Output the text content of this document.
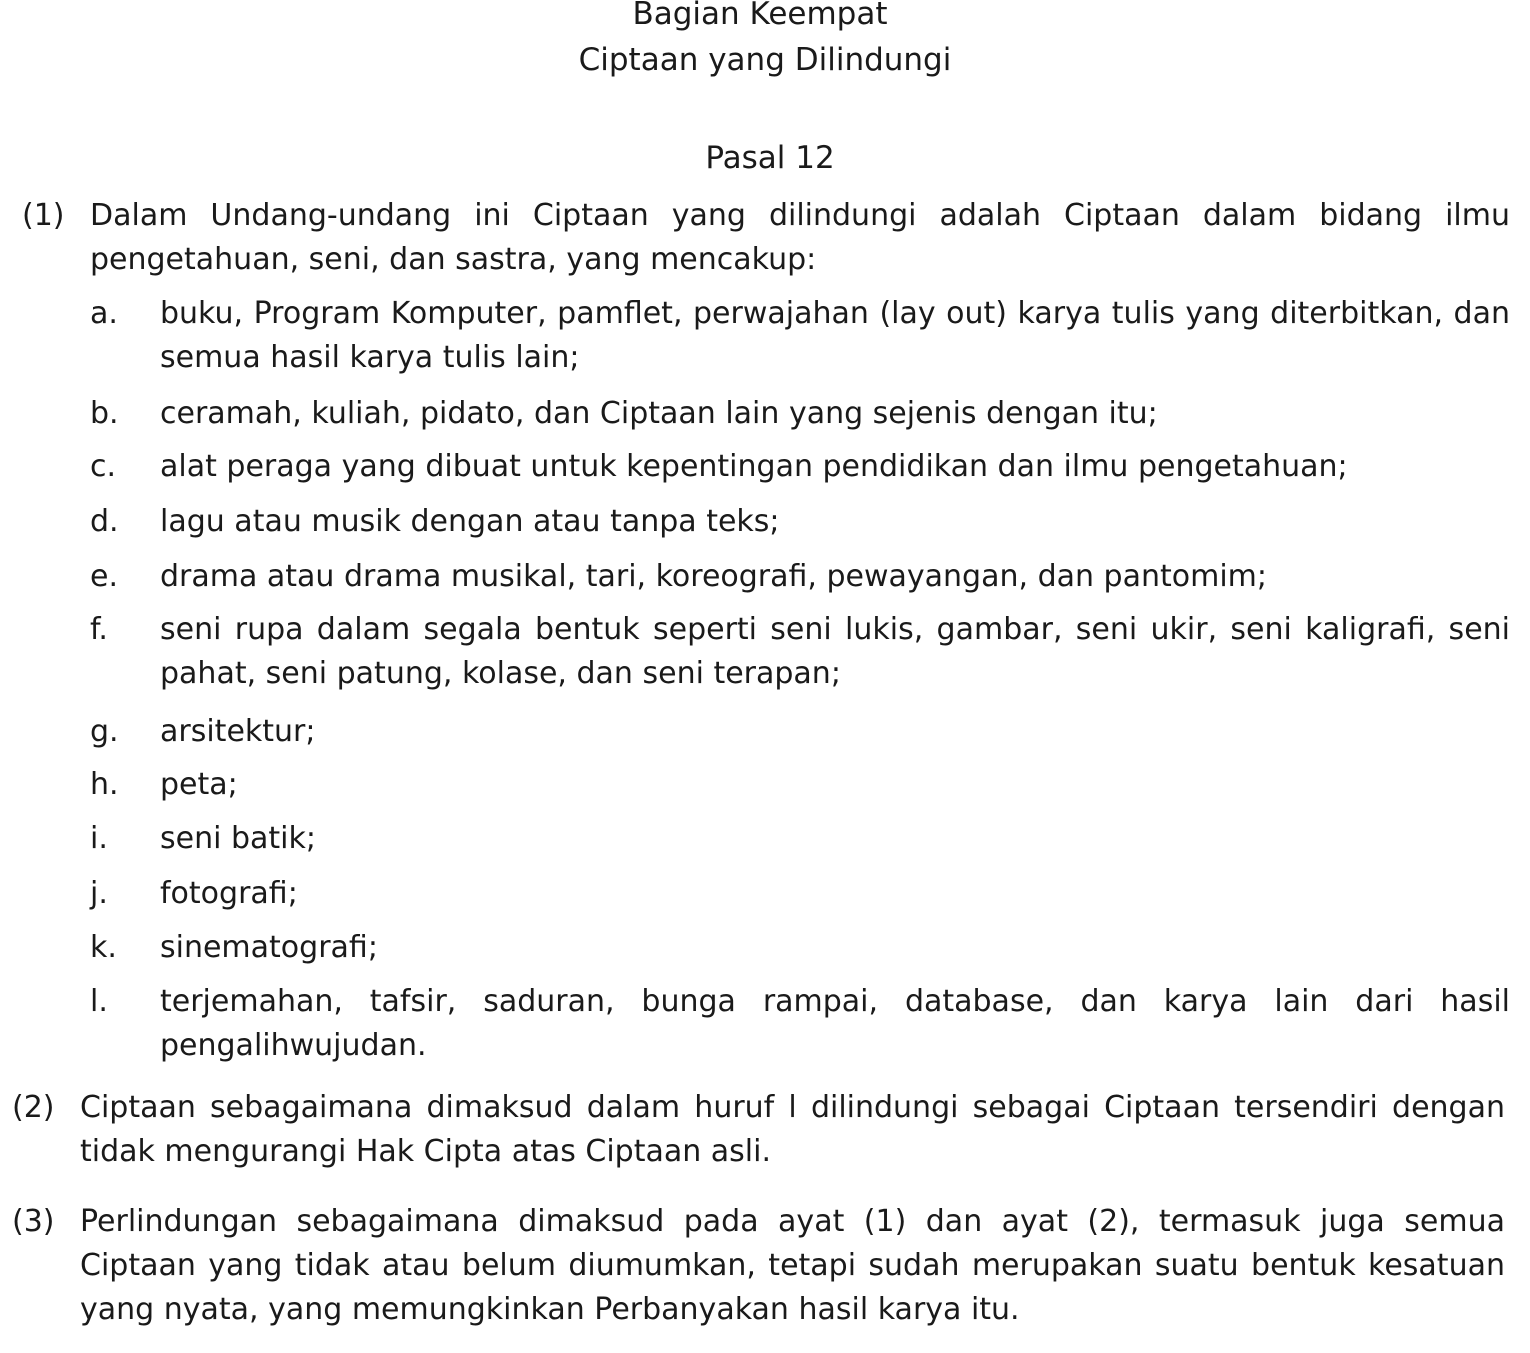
Bagian Keempat
Ciptaan yang Dilindungi
Pasal 12
(1) Dalam Undang-undang ini Ciptaan yang dilindungi adalah Ciptaan dalam bidang ilmu pengetahuan, seni, dan sastra, yang mencakup:
a. buku, Program Komputer, pamflet, perwajahan (lay out) karya tulis yang diterbitkan, dan semua hasil karya tulis lain;
b. ceramah, kuliah, pidato, dan Ciptaan lain yang sejenis dengan itu;
c. alat peraga yang dibuat untuk kepentingan pendidikan dan ilmu pengetahuan;
d. lagu atau musik dengan atau tanpa teks;
e. drama atau drama musikal, tari, koreografi, pewayangan, dan pantomim;
f. seni rupa dalam segala bentuk seperti seni lukis, gambar, seni ukir, seni kaligrafi, seni pahat, seni patung, kolase, dan seni terapan;
g. arsitektur;
h. peta;
i. seni batik;
j. fotografi;
k. sinematografi;
l. terjemahan, tafsir, saduran, bunga rampai, database, dan karya lain dari hasil pengalihwujudan.
(2) Ciptaan sebagaimana dimaksud dalam huruf l dilindungi sebagai Ciptaan tersendiri dengan tidak mengurangi Hak Cipta atas Ciptaan asli.
(3) Perlindungan sebagaimana dimaksud pada ayat (1) dan ayat (2), termasuk juga semua Ciptaan yang tidak atau belum diumumkan, tetapi sudah merupakan suatu bentuk kesatuan yang nyata, yang memungkinkan Perbanyakan hasil karya itu.
